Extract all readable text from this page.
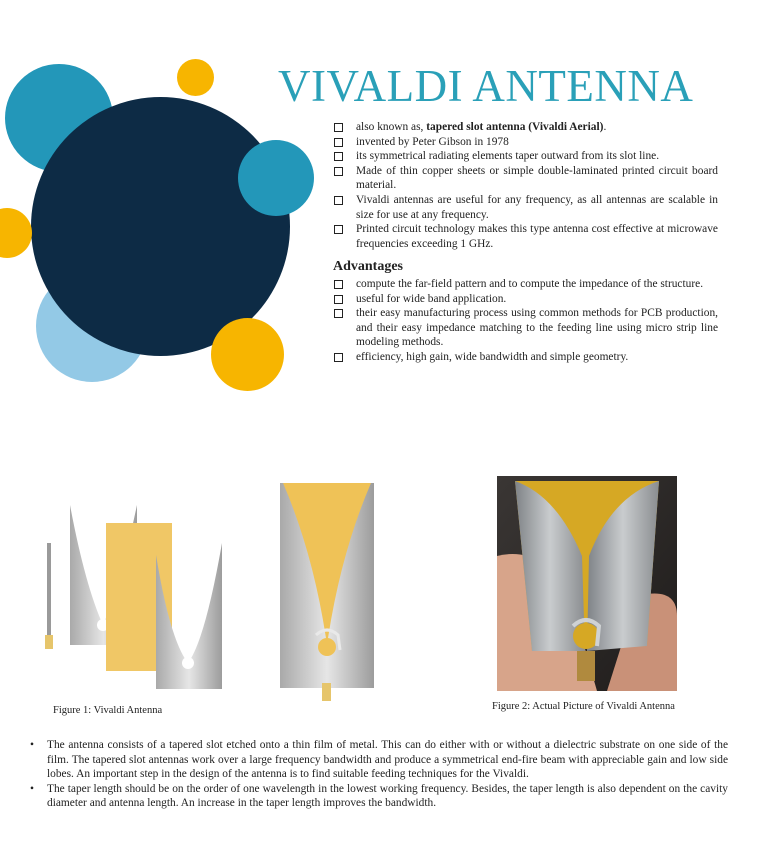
VIVALDI ANTENNA
also known as, tapered slot antenna (Vivaldi Aerial).
invented by Peter Gibson in 1978
its symmetrical radiating elements taper outward from its slot line.
Made of thin copper sheets or simple double-laminated printed circuit board material.
Vivaldi antennas are useful for any frequency, as all antennas are scalable in size for use at any frequency.
Printed circuit technology makes this type antenna cost effective at microwave frequencies exceeding 1 GHz.
Advantages
compute the far-field pattern and to compute the impedance of the structure.
useful for wide band application.
their easy manufacturing process using common methods for PCB production, and their easy impedance matching to the feeding line using micro strip line modeling methods.
efficiency, high gain, wide bandwidth and simple geometry.
Figure 1: Vivaldi Antenna	Figure 2: Actual Picture of Vivaldi Antenna
• The antenna consists of a tapered slot etched onto a thin film of metal. This can do either with or without a dielectric substrate on one side of the film. The tapered slot antennas work over a large frequency bandwidth and produce a symmetrical end-fire beam with appreciable gain and low side lobes. An important step in the design of the antenna is to find suitable feeding techniques for the Vivaldi.
• The taper length should be on the order of one wavelength in the lowest working frequency. Besides, the taper length is also dependent on the cavity diameter and antenna length. An increase in the taper length improves the bandwidth.
